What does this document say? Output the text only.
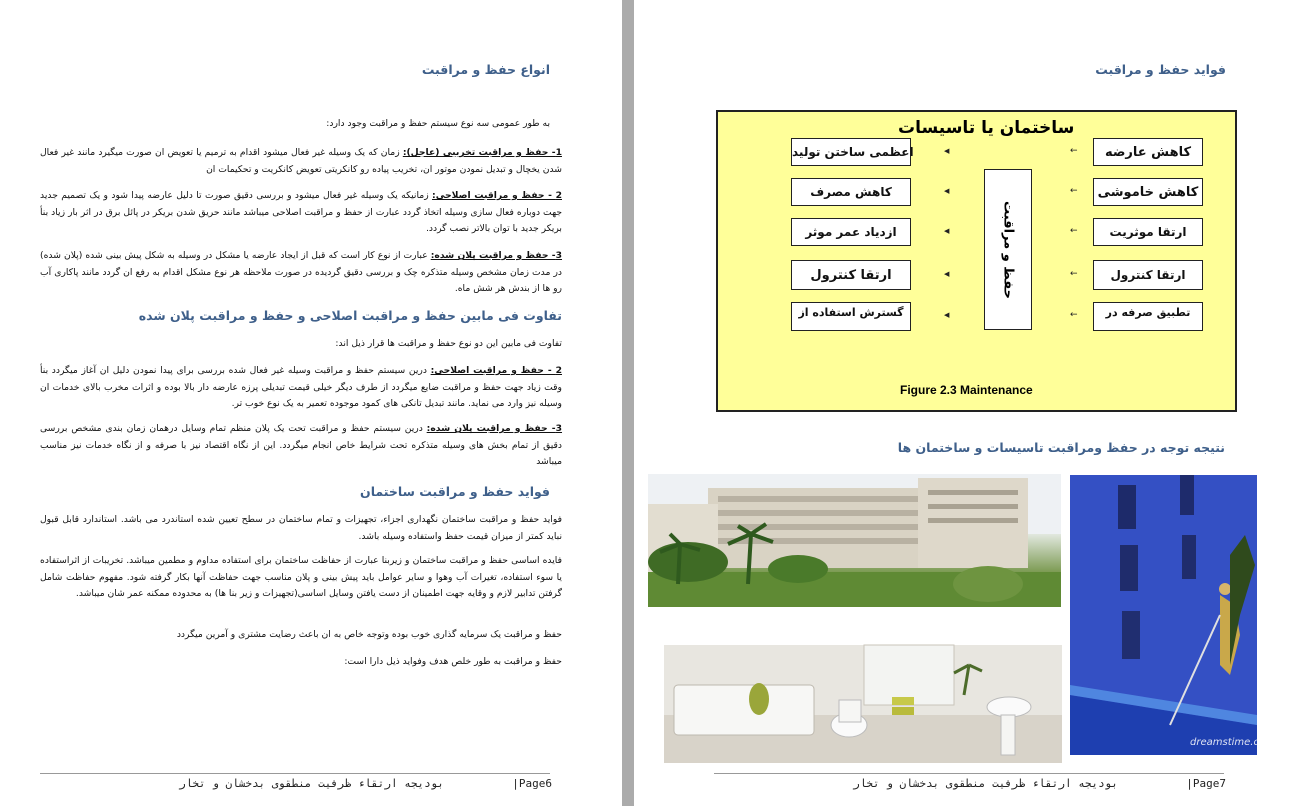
انواع حفظ و مراقبت
به طور عمومی سه نوع سیستم حفظ و مراقبت وجود دارد:
1- حفظ و مراقبت تخریبی (عاجل): زمان که یک وسیله غیر فعال میشود اقدام به ترمیم یا تعویض ان صورت میگیرد مانند غیر فعال شدن یخچال و تبدیل نمودن موتور ان، تخریب پیاده رو کانکریتی تعویض کانکریت و تحکیمات ان
2 - حفظ و مراقبت اصلاحی: زمانیکه یک وسیله غیر فعال میشود و بررسی دقیق صورت تا دلیل عارضه پیدا شود و یک تصمیم جدید جهت دوباره فعال سازی وسیله اتخاذ گردد عبارت از حفظ و مراقبت اصلاحی میباشد مانند حریق شدن بریکر در پائل برق در اثر بار زیاد بنأ بریکر جدید با توان بالاتر نصب گردد.
3- حفظ و مراقبت پلان شده: عبارت از نوع کار است که قبل از ایجاد عارضه یا مشکل در وسیله به شکل پیش بینی شده (پلان شده) در مدت زمان مشخص وسیله متذکره چک و بررسی دقیق گردیده در صورت ملاحظه هر نوع مشکل اقدام به رفع ان گردد مانند پاکاری آب رو ها از بندش هر شش ماه.
تفاوت فی مابین حفظ و مراقبت اصلاحی و حفظ و مراقبت پلان شده
تفاوت فی مابین این دو نوع حفظ و مراقبت ها قرار ذیل اند:
2 - حفظ و مراقبت اصلاحی: درین سیستم حفظ و مراقبت وسیله غیر فعال شده بررسی برای پیدا نمودن دلیل ان آغاز میگردد بنأ وقت زیاد جهت حفظ و مراقبت ضایع میگردد از طرف دیگر خیلی قیمت تبدیلی پرزه عارضه دار بالا بوده و اثرات مخرب بالای خدمات ان وسیله نیز وارد می نماید. مانند تبدیل تانکی های کمود موجوده تعمیر به یک نوع خوب تر.
3- حفظ و مراقبت پلان شده: درین سیستم حفظ و مراقبت تحت یک پلان منظم تمام وسایل درهمان زمان بندی مشخص بررسی دقیق از تمام بخش های وسیله متذکره تحت شرایط خاص انجام میگردد. این از نگاه اقتصاد نیز با صرفه و از نگاه خدمات نیز مناسب میباشد
فواید حفظ و مراقبت ساختمان
فواید حفظ و مراقبت ساختمان نگهداری اجزاء، تجهیزات و تمام ساختمان در سطح تعیین شده استاندرد می باشد. استاندارد قابل قبول نباید کمتر از میزان قیمت حفظ واستفاده وسیله باشد.
فایده اساسی حفظ و مراقبت ساختمان و زیربنا عبارت از حفاظت ساختمان برای استفاده مداوم و مطمین میباشد. تخریبات از اثراستفاده یا سوء استفاده، تغیرات آب وهوا و سایر عوامل باید پیش بینی و پلان مناسب جهت حفاظت آنها بکار گرفته شود. مفهوم حفاظت شامل گرفتن تدابیر لازم و وقایه جهت اطمینان از دست یافتن وسایل اساسی(تجهیزات و زیر بنا ها) به محدوده ممکنه عمر شان میباشد.
حفظ و مراقبت یک سرمایه گذاری خوب بوده وتوجه خاص به ان باعث رضایت مشتری و آمرین میگردد
حفظ و مراقبت به طور خلص هدف وفواید ذیل دارا است:
|Page6
بودیجه ارتقاء ظرفیت منطقوی بدخشان و تخار
فواید حفظ و مراقبت
ساختمان یا تاسیسات
کاهش عارضه
کاهش خاموشی
ارتقا موثریت
ارتقا کنترول
تطبیق صرفه در
اعظمی ساختن تولید
کاهش مصرف
ازدیاد عمر موثر
ارتقا کنترول
گسترش استفاده از
حفظ و مراقبت
←
←
←
←
←
◀
◀
◀
◀
◀
Figure 2.3 Maintenance
نتیجه توجه در حفظ ومراقبت تاسیسات و ساختمان ها
dreamstime.com
|Page7
بودیجه ارتقاء ظرفیت منطقوی بدخشان و تخار
